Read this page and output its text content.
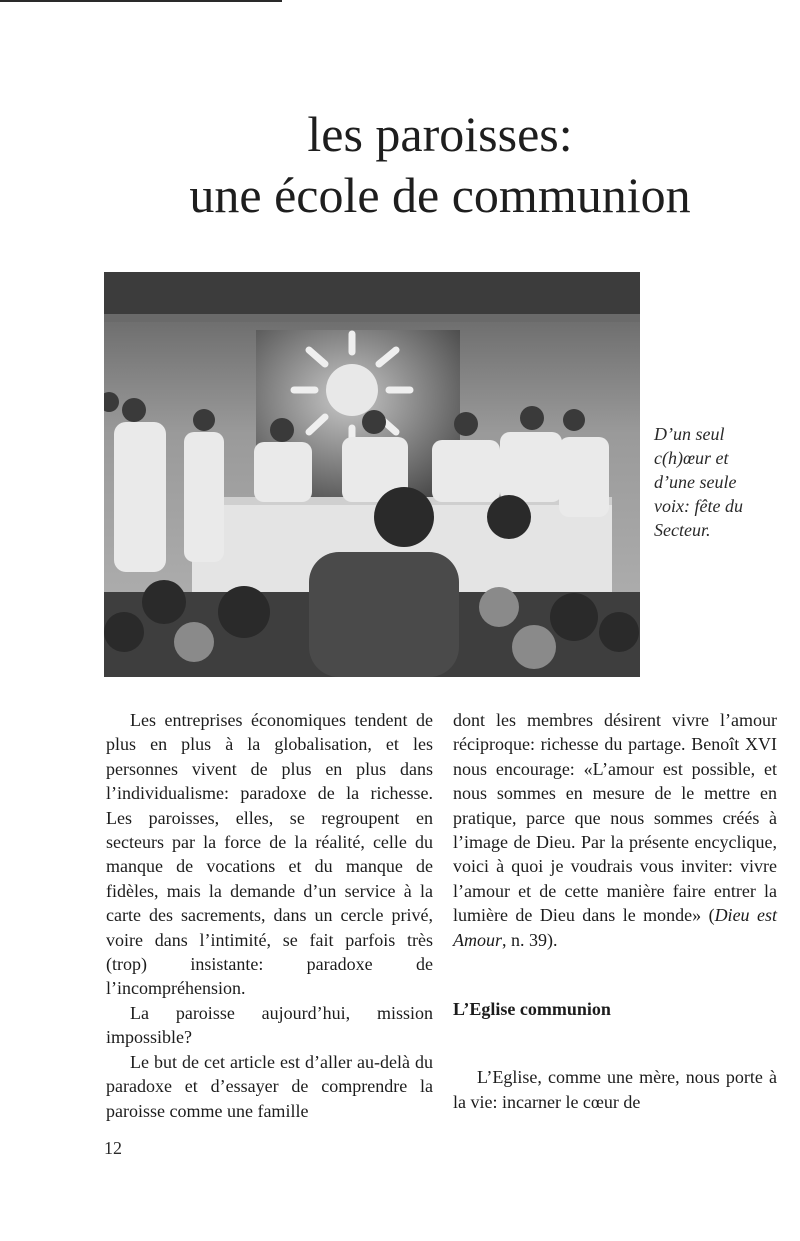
les paroisses:
une école de communion
D’un seul
c(h)œur et
d’une seule
voix: fête du
Secteur.

Les entreprises économiques tendent de plus en plus à la globalisation, et les personnes vivent de plus en plus dans l’individualisme: paradoxe de la richesse. Les paroisses, elles, se regroupent en secteurs par la force de la réalité, celle du manque de vocations et du manque de fidèles, mais la demande d’un service à la carte des sacrements, dans un cercle privé, voire dans l’intimité, se fait parfois très (trop) insistante: paradoxe de l’incompréhension.

La paroisse aujourd’hui, mission impossible?

Le but de cet article est d’aller au-delà du paradoxe et d’essayer de comprendre la paroisse comme une famille

dont les membres désirent vivre l’amour réciproque: richesse du partage. Benoît XVI nous encourage: «L’amour est possible, et nous sommes en mesure de le mettre en pratique, parce que nous sommes créés à l’image de Dieu. Par la présente encyclique, voici à quoi je voudrais vous inviter: vivre l’amour et de cette manière faire entrer la lumière de Dieu dans le monde» (Dieu est Amour, n. 39).

L’Eglise communion

L’Eglise, comme une mère, nous porte à la vie: incarner le cœur de

12
